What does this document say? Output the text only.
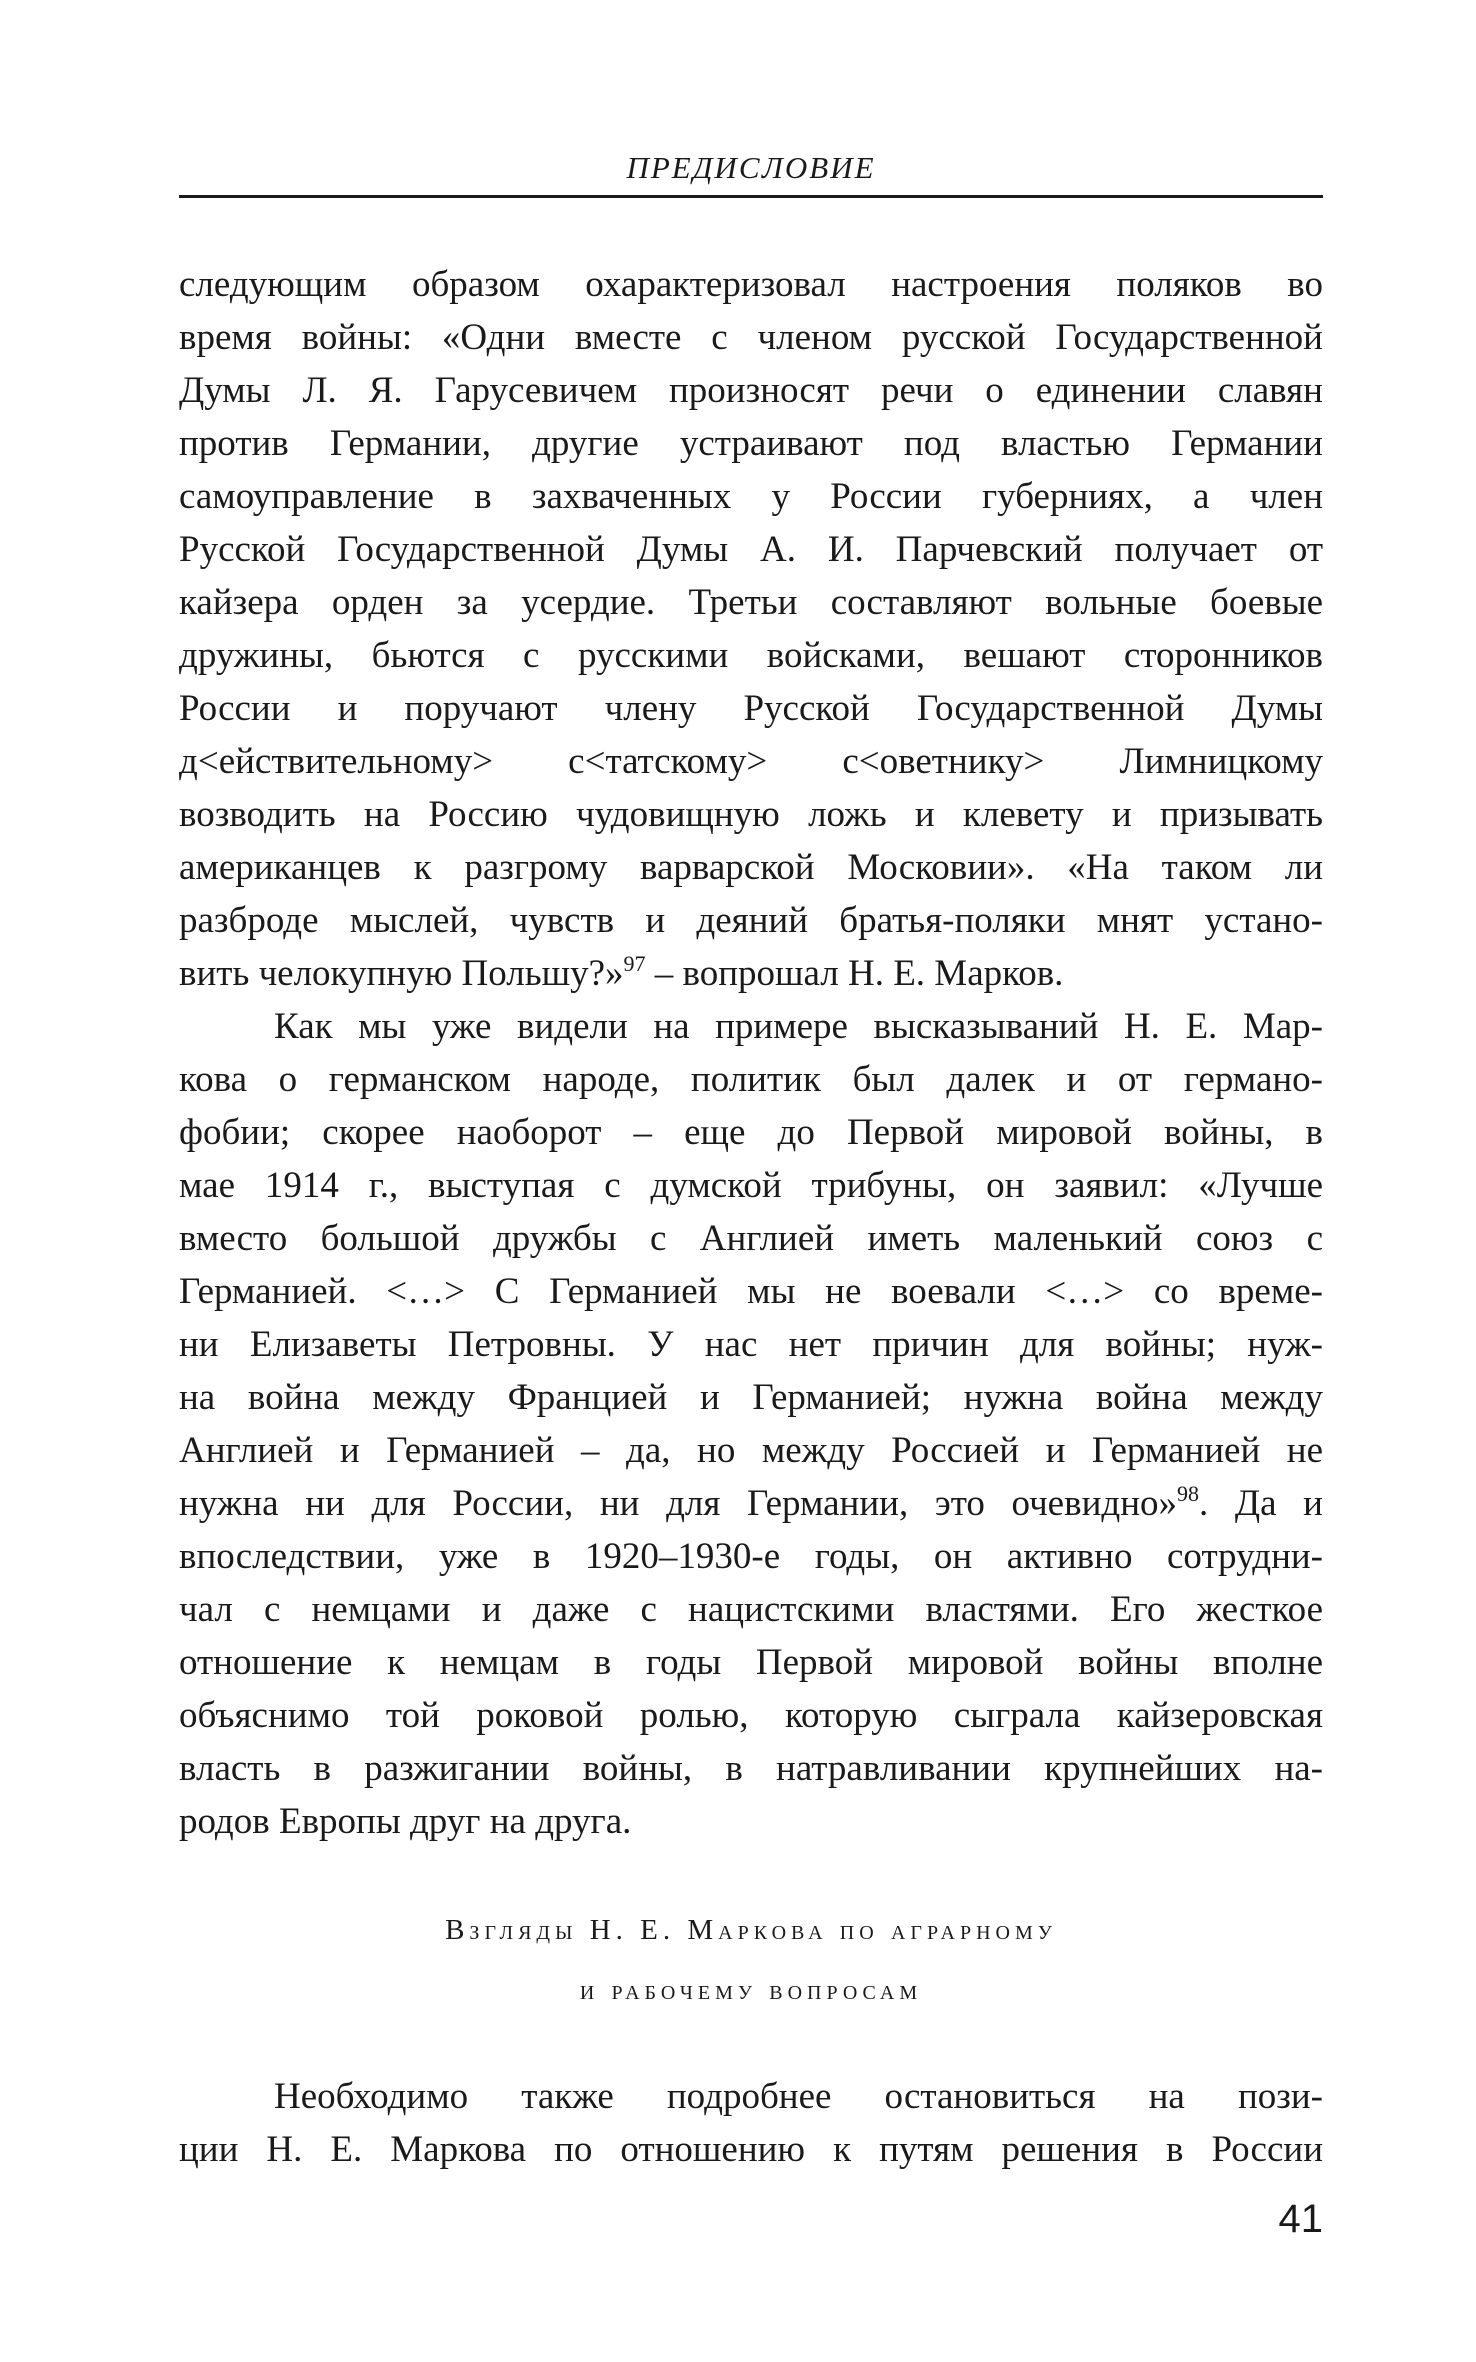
ПРЕДИСЛОВИЕ
следующим образом охарактеризовал настроения поляков во
время войны: «Одни вместе с членом русской Государственной
Думы Л. Я. Гарусевичем произносят речи о единении славян
против Германии, другие устраивают под властью Германии
самоуправление в захваченных у России губерниях, а член
Русской Государственной Думы А. И. Парчевский получает от
кайзера орден за усердие. Третьи составляют вольные боевые
дружины, бьются с русскими войсками, вешают сторонников
России и поручают члену Русской Государственной Думы
д<ействительному> с<татскому> с<оветнику> Лимницкому
возводить на Россию чудовищную ложь и клевету и призывать
американцев к разгрому варварской Московии». «На таком ли
разброде мыслей, чувств и деяний братья-поляки мнят устано-
вить челокупную Польшу?»$^{97}$ – вопрошал Н. Е. Марков.
Как мы уже видели на примере высказываний Н. Е. Мар-
кова о германском народе, политик был далек и от германо-
фобии; скорее наоборот – еще до Первой мировой войны, в
мае 1914 г., выступая с думской трибуны, он заявил: «Лучше
вместо большой дружбы с Англией иметь маленький союз с
Германией. <…> С Германией мы не воевали <…> со време-
ни Елизаветы Петровны. У нас нет причин для войны; нуж-
на война между Францией и Германией; нужна война между
Англией и Германией – да, но между Россией и Германией не
нужна ни для России, ни для Германии, это очевидно»$^{98}$. Да и
впоследствии, уже в 1920–1930-е годы, он активно сотрудни-
чал с немцами и даже с нацистскими властями. Его жесткое
отношение к немцам в годы Первой мировой войны вполне
объяснимо той роковой ролью, которую сыграла кайзеровская
власть в разжигании войны, в натравливании крупнейших на-
родов Европы друг на друга.
Взгляды Н. Е. Маркова по аграрному
и рабочему вопросам
Необходимо также подробнее остановиться на пози-
ции Н. Е. Маркова по отношению к путям решения в России
41
